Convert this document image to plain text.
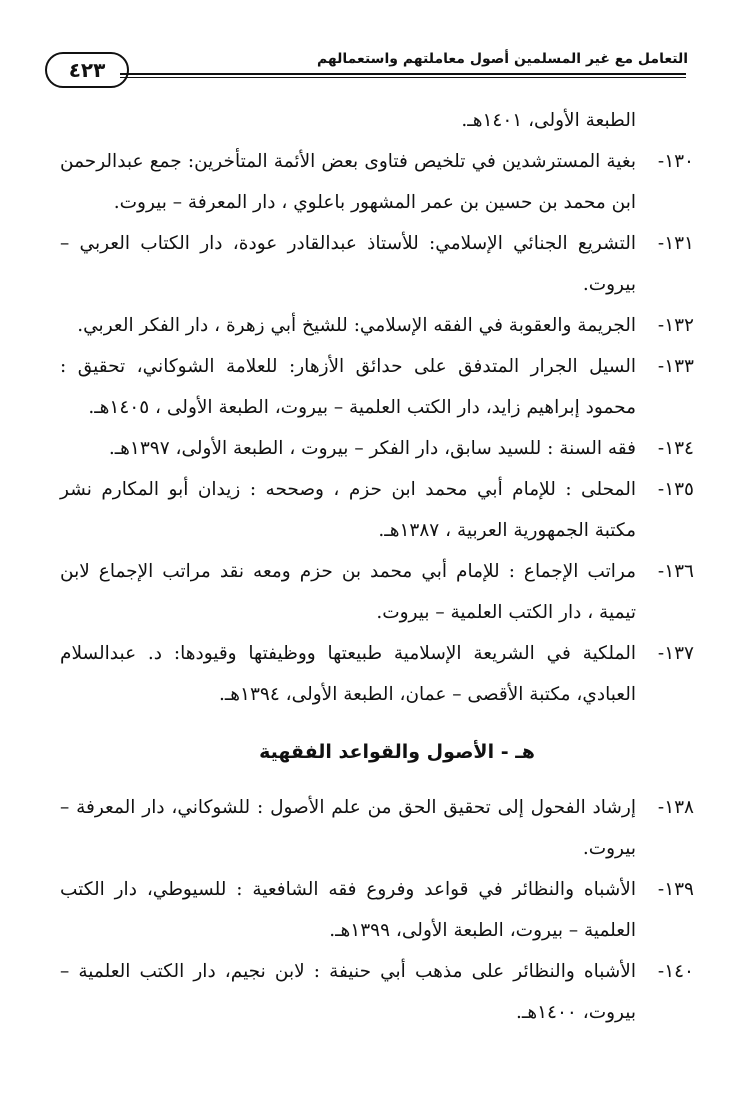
التعامل مع غير المسلمين أصول معاملتهم واستعمالهم
٤٢٣
الطبعة الأولى، ١٤٠١هـ.
١٣٠-
بغية المسترشدين في تلخيص فتاوى بعض الأئمة المتأخرين: جمع عبدالرحمن ابن محمد بن حسين بن عمر المشهور باعلوي ، دار المعرفة – بيروت.
١٣١-
التشريع الجنائي الإسلامي: للأستاذ عبدالقادر عودة، دار الكتاب العربي – بيروت.
١٣٢-
الجريمة والعقوبة في الفقه الإسلامي: للشيخ أبي زهرة ، دار الفكر العربي.
١٣٣-
السيل الجرار المتدفق على حدائق الأزهار: للعلامة الشوكاني، تحقيق : محمود إبراهيم زايد، دار الكتب العلمية – بيروت، الطبعة الأولى ، ١٤٠٥هـ.
١٣٤-
فقه السنة : للسيد سابق، دار الفكر – بيروت ، الطبعة الأولى، ١٣٩٧هـ.
١٣٥-
المحلى : للإمام أبي محمد ابن حزم ، وصححه : زيدان أبو المكارم نشر مكتبة الجمهورية العربية ، ١٣٨٧هـ.
١٣٦-
مراتب الإجماع : للإمام أبي محمد بن حزم ومعه نقد مراتب الإجماع لابن تيمية ، دار الكتب العلمية – بيروت.
١٣٧-
الملكية في الشريعة الإسلامية طبيعتها ووظيفتها وقيودها: د. عبدالسلام العبادي، مكتبة الأقصى – عمان، الطبعة الأولى، ١٣٩٤هـ.
هـ - الأصول والقواعد الفقهية
١٣٨-
إرشاد الفحول إلى تحقيق الحق من علم الأصول : للشوكاني، دار المعرفة – بيروت.
١٣٩-
الأشباه والنظائر في قواعد وفروع فقه الشافعية : للسيوطي، دار الكتب العلمية – بيروت، الطبعة الأولى، ١٣٩٩هـ.
١٤٠-
الأشباه والنظائر على مذهب أبي حنيفة : لابن نجيم، دار الكتب العلمية – بيروت، ١٤٠٠هـ.
